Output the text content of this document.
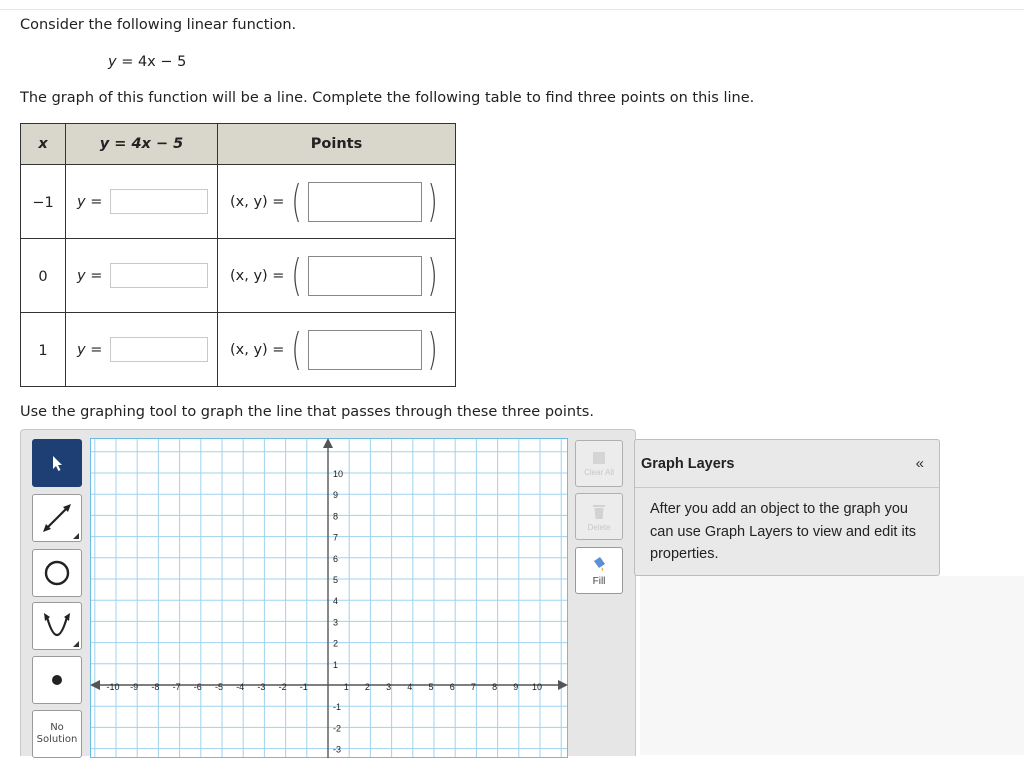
Consider the following linear function.
y = 4x − 5
The graph of this function will be a line. Complete the following table to find three points on this line.
x	y = 4x − 5	Points
−1	y =	(x, y) = ( )

0	y =	(x, y) = ( )

1	y =	(x, y) = ( )
Use the graphing tool to graph the line that passes through these three points.
No
Solution
-10 -9 -8 -7 -6 -5 -4 -3 -2 -1	1 2 3 4 5 6 7 8 9 10
10
9
8
7
6
5
4
3
2
1
-1
-2
-3
Clear All
Delete
Fill
Graph Layers	«
After you add an object to the graph you can use Graph Layers to view and edit its properties.
